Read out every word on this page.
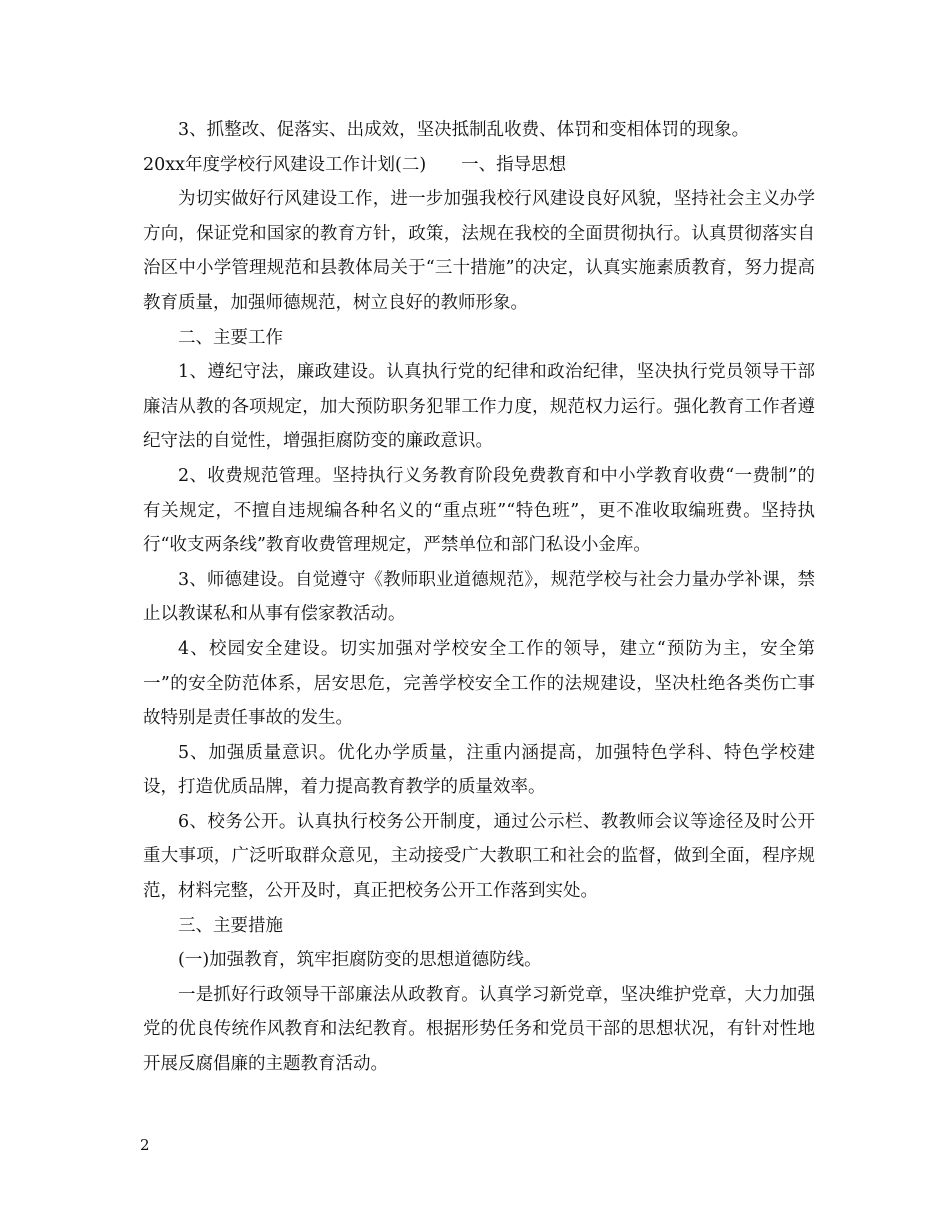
3、抓整改、促落实、出成效，坚决抵制乱收费、体罚和变相体罚的现象。

20xx年度学校行风建设工作计划(二)　　一、指导思想

为切实做好行风建设工作，进一步加强我校行风建设良好风貌，坚持社会主义办学方向，保证党和国家的教育方针，政策，法规在我校的全面贯彻执行。认真贯彻落实自治区中小学管理规范和县教体局关于“三十措施”的决定，认真实施素质教育，努力提高教育质量，加强师德规范，树立良好的教师形象。

二、主要工作

1、遵纪守法，廉政建设。认真执行党的纪律和政治纪律，坚决执行党员领导干部廉洁从教的各项规定，加大预防职务犯罪工作力度，规范权力运行。强化教育工作者遵纪守法的自觉性，增强拒腐防变的廉政意识。

2、收费规范管理。坚持执行义务教育阶段免费教育和中小学教育收费“一费制”的有关规定，不擅自违规编各种名义的“重点班”“特色班”，更不准收取编班费。坚持执行“收支两条线”教育收费管理规定，严禁单位和部门私设小金库。

3、师德建设。自觉遵守《教师职业道德规范》，规范学校与社会力量办学补课，禁止以教谋私和从事有偿家教活动。

4、校园安全建设。切实加强对学校安全工作的领导，建立“预防为主，安全第一”的安全防范体系，居安思危，完善学校安全工作的法规建设，坚决杜绝各类伤亡事故特别是责任事故的发生。

5、加强质量意识。优化办学质量，注重内涵提高，加强特色学科、特色学校建设，打造优质品牌，着力提高教育教学的质量效率。

6、校务公开。认真执行校务公开制度，通过公示栏、教教师会议等途径及时公开重大事项，广泛听取群众意见，主动接受广大教职工和社会的监督，做到全面，程序规范，材料完整，公开及时，真正把校务公开工作落到实处。

三、主要措施

(一)加强教育，筑牢拒腐防变的思想道德防线。

一是抓好行政领导干部廉法从政教育。认真学习新党章，坚决维护党章，大力加强党的优良传统作风教育和法纪教育。根据形势任务和党员干部的思想状况，有针对性地开展反腐倡廉的主题教育活动。

2
